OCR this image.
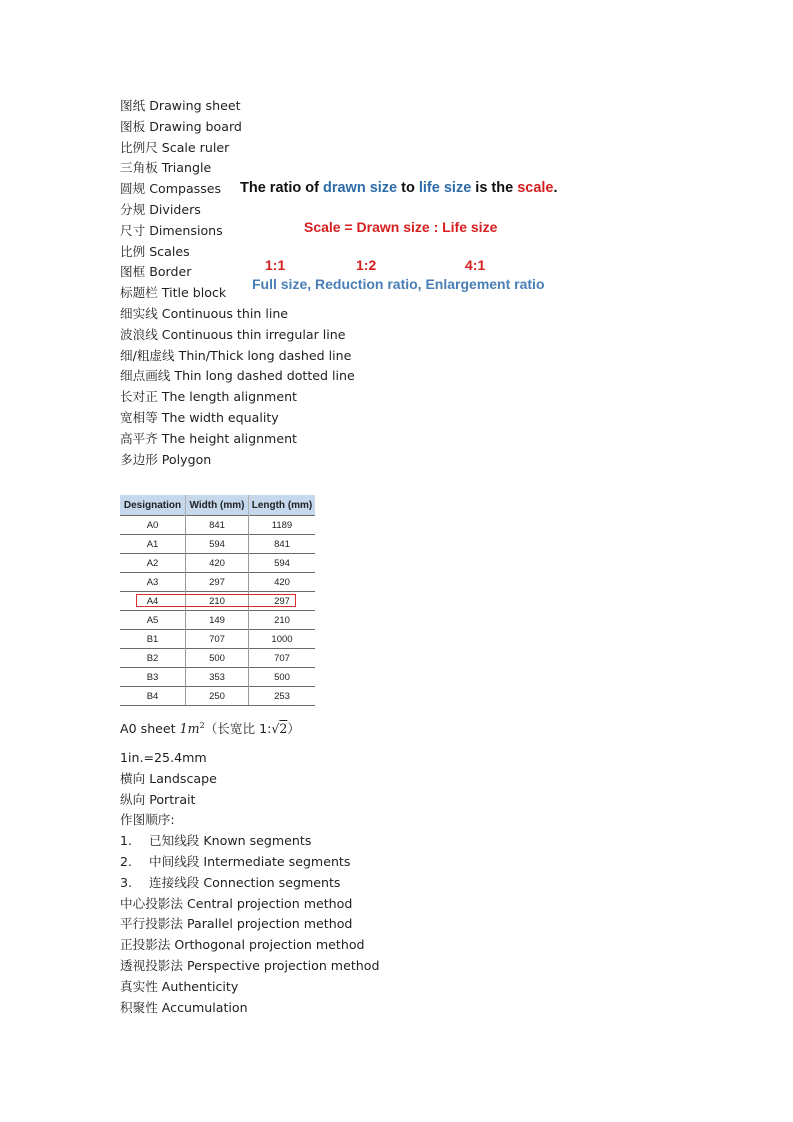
图纸 Drawing sheet
图板 Drawing board
比例尺 Scale ruler
三角板 Triangle
圆规 Compasses
分规 Dividers
尺寸 Dimensions
比例 Scales
图框 Border
标题栏 Title block
细实线 Continuous thin line
波浪线 Continuous thin irregular line
细/粗虚线 Thin/Thick long dashed line
细点画线 Thin long dashed dotted line
长对正 The length alignment
宽相等 The width equality
高平齐 The height alignment
多边形 Polygon
The ratio of drawn size to life size is the scale.
Scale = Drawn size : Life size
1:1	1:2	4:1
Full size, Reduction ratio, Enlargement ratio
Designation	Width (mm)	Length (mm)
A0	841	1189
A1	594	841
A2	420	594
A3	297	420
A4	210	297
A5	149	210
B1	707	1000
B2	500	707
B3	353	500
B4	250	253
A0 sheet $1m^2$（长宽比 1:√2）
1in.=25.4mm
横向 Landscape
纵向 Portrait
作图顺序:
1. 已知线段 Known segments
2. 中间线段 Intermediate segments
3. 连接线段 Connection segments
中心投影法 Central projection method
平行投影法 Parallel projection method
正投影法 Orthogonal projection method
透视投影法 Perspective projection method
真实性 Authenticity
积聚性 Accumulation
